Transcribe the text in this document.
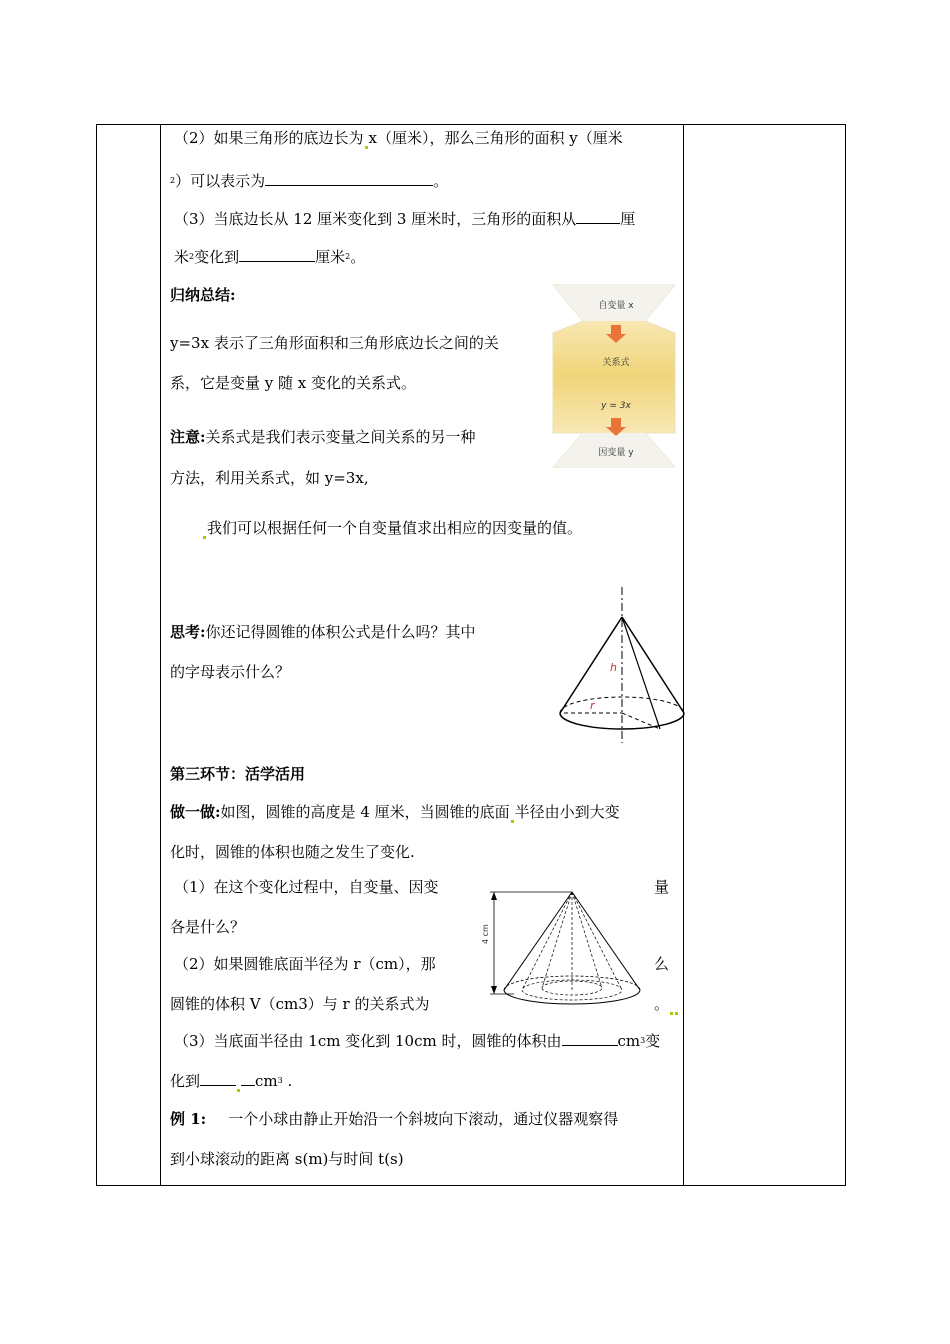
（2）如果三角形的底边长为 x（厘米），那么三角形的面积 y（厘米
$^2$）可以表示为	。
（3）当底边长从 12 厘米变化到 3 厘米时，三角形的面积从	厘
米$^2$变化到	厘米$^2$。
归纳总结:
y=3x 表示了三角形面积和三角形底边长之间的关
系，它是变量 y 随 x 变化的关系式。
注意:关系式是我们表示变量之间关系的另一种
方法，利用关系式，如 y=3x,
我们可以根据任何一个自变量值求出相应的因变量的值。
自变量 x
关系式
y = 3x
因变量 y
思考:你还记得圆锥的体积公式是什么吗？其中
的字母表示什么？	h
r
第三环节：活学活用
做一做:如图，圆锥的高度是 4 厘米，当圆锥的底面 半径由小到大变
化时，圆锥的体积也随之发生了变化.
（1）在这个变化过程中，自变量、因变	量
各是什么？
（2）如果圆锥底面半径为 r（cm），那	么
圆锥的体积 V（cm3）与 r 的关系式为	。
4 cm
（3）当底面半径由 1cm 变化到 10cm 时，圆锥的体积由	$cm^3$变
化到	$cm^3$ .
例 1: 一个小球由静止开始沿一个斜坡向下滚动，通过仪器观察得
到小球滚动的距离 s(m)与时间 t(s)
